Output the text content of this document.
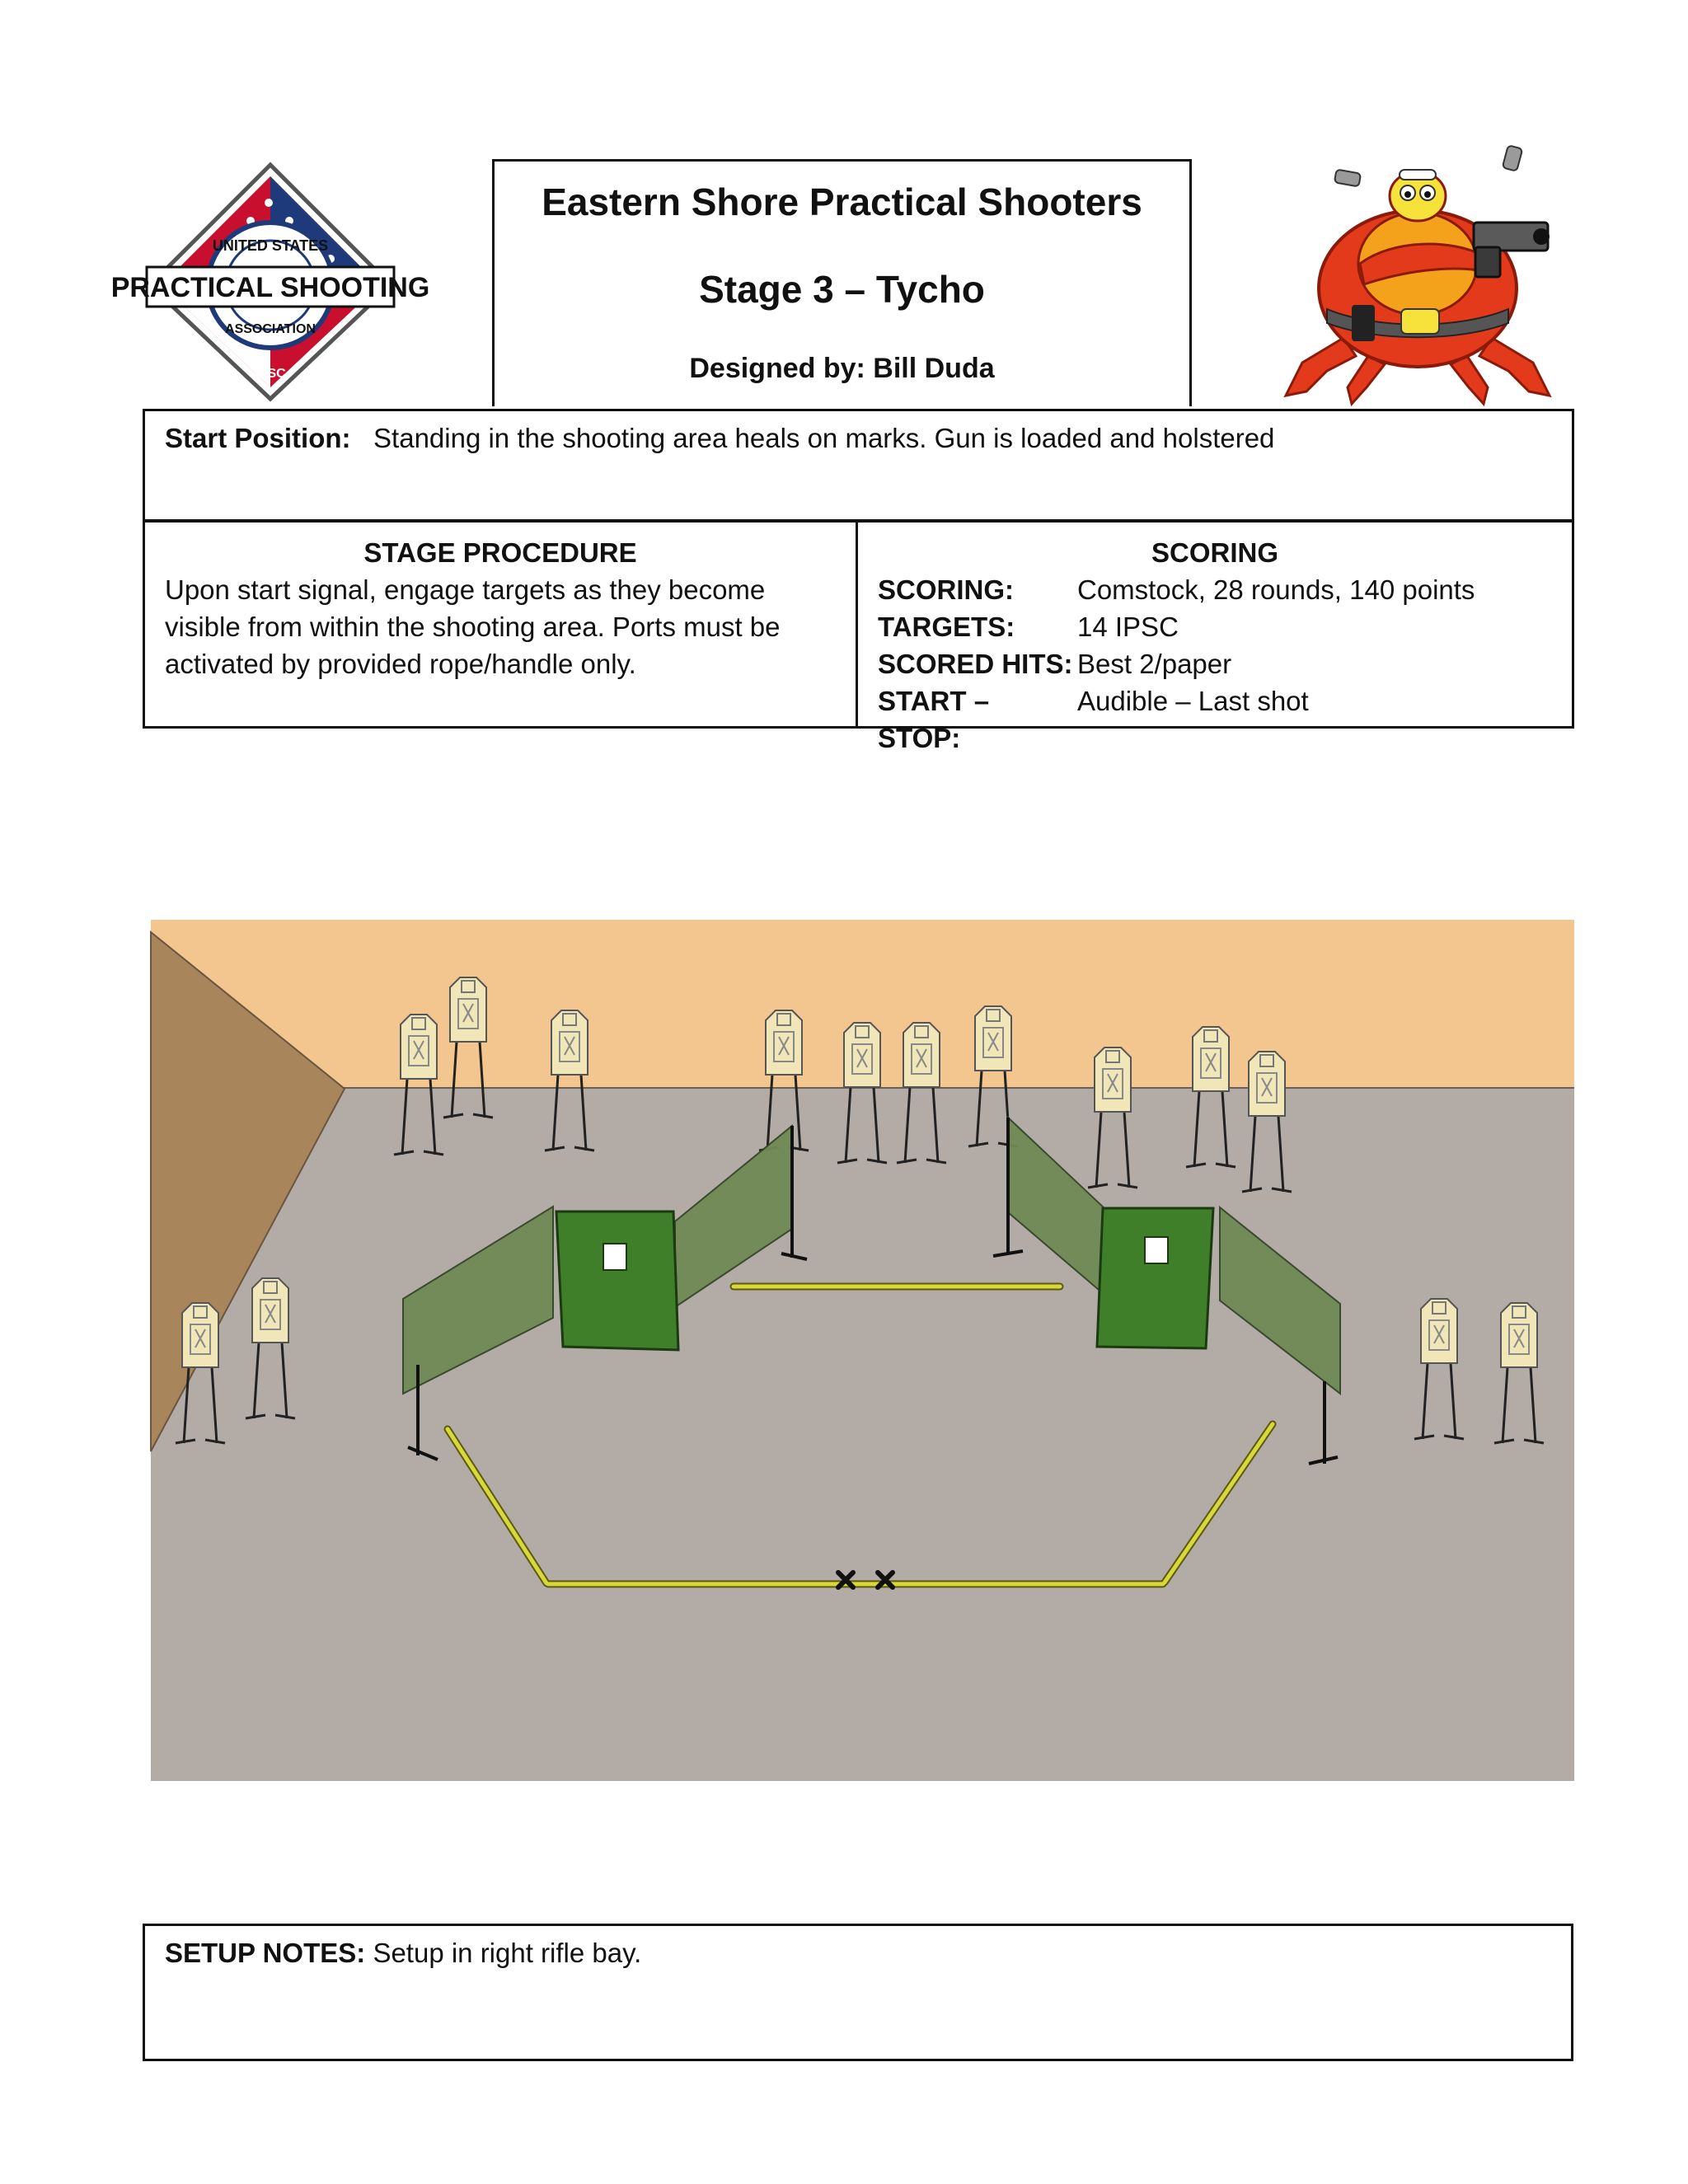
PRACTICAL SHOOTING
UNITED STATES
ASSOCIATION
IPSC
Eastern Shore Practical Shooters
Stage 3 – Tycho
Designed by: Bill Duda
Start Position: Standing in the shooting area heals on marks. Gun is loaded and holstered
STAGE PROCEDURE
Upon start signal, engage targets as they become visible from within the shooting area. Ports must be activated by provided rope/handle only.
SCORING
SCORING:	Comstock, 28 rounds, 140 points
TARGETS:	14 IPSC
SCORED HITS: Best 2/paper
START – STOP:
Audible – Last shot
SETUP NOTES: Setup in right rifle bay.
